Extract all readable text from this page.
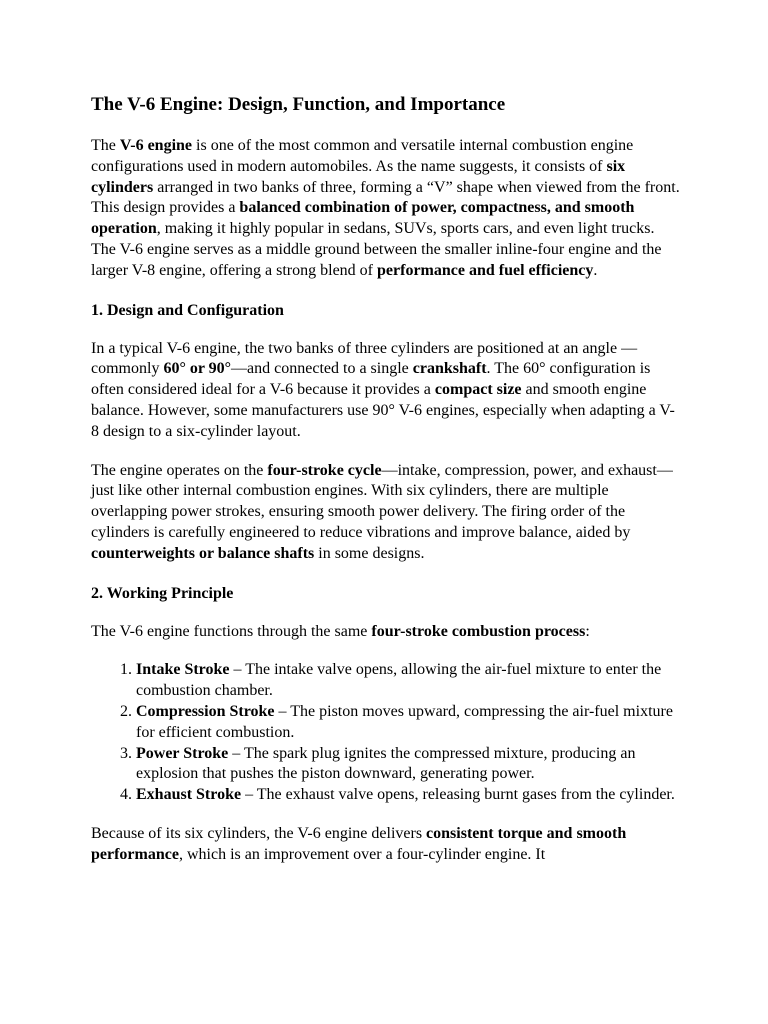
The V-6 Engine: Design, Function, and Importance

The V-6 engine is one of the most common and versatile internal combustion engine configurations used in modern automobiles. As the name suggests, it consists of six cylinders arranged in two banks of three, forming a “V” shape when viewed from the front. This design provides a balanced combination of power, compactness, and smooth operation, making it highly popular in sedans, SUVs, sports cars, and even light trucks. The V-6 engine serves as a middle ground between the smaller inline-four engine and the larger V-8 engine, offering a strong blend of performance and fuel efficiency.

1. Design and Configuration

In a typical V-6 engine, the two banks of three cylinders are positioned at an angle —commonly 60° or 90°—and connected to a single crankshaft. The 60° configuration is often considered ideal for a V-6 because it provides a compact size and smooth engine balance. However, some manufacturers use 90° V-6 engines, especially when adapting a V-8 design to a six-cylinder layout.

The engine operates on the four-stroke cycle—intake, compression, power, and exhaust—just like other internal combustion engines. With six cylinders, there are multiple overlapping power strokes, ensuring smooth power delivery. The firing order of the cylinders is carefully engineered to reduce vibrations and improve balance, aided by counterweights or balance shafts in some designs.

2. Working Principle

The V-6 engine functions through the same four-stroke combustion process:

1. Intake Stroke – The intake valve opens, allowing the air-fuel mixture to enter the combustion chamber.
2. Compression Stroke – The piston moves upward, compressing the air-fuel mixture for efficient combustion.
3. Power Stroke – The spark plug ignites the compressed mixture, producing an explosion that pushes the piston downward, generating power.
4. Exhaust Stroke – The exhaust valve opens, releasing burnt gases from the cylinder.

Because of its six cylinders, the V-6 engine delivers consistent torque and smooth performance, which is an improvement over a four-cylinder engine. It
